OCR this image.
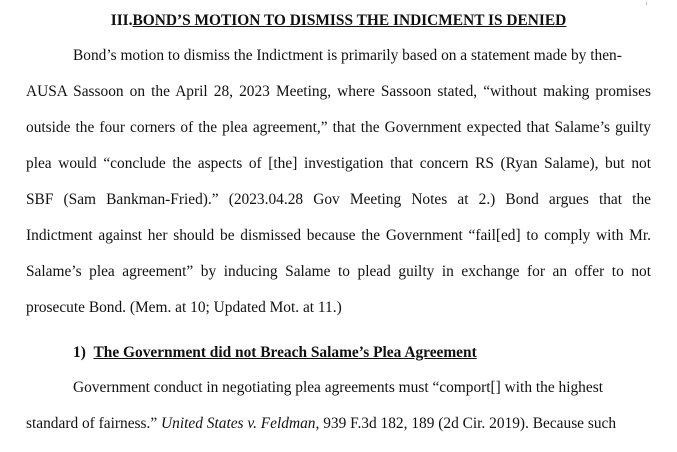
III.BOND’S MOTION TO DISMISS THE INDICMENT IS DENIED
Bond’s motion to dismiss the Indictment is primarily based on a statement made by then-
AUSA Sassoon on the April 28, 2023 Meeting, where Sassoon stated, “without making promises
outside the four corners of the plea agreement,” that the Government expected that Salame’s guilty
plea would “conclude the aspects of [the] investigation that concern RS (Ryan Salame), but not
SBF (Sam Bankman-Fried).” (2023.04.28 Gov Meeting Notes at 2.) Bond argues that the
Indictment against her should be dismissed because the Government “fail[ed] to comply with Mr.
Salame’s plea agreement” by inducing Salame to plead guilty in exchange for an offer to not
prosecute Bond. (Mem. at 10; Updated Mot. at 11.)
1) The Government did not Breach Salame’s Plea Agreement
Government conduct in negotiating plea agreements must “comport[] with the highest
standard of fairness.” United States v. Feldman, 939 F.3d 182, 189 (2d Cir. 2019). Because such
